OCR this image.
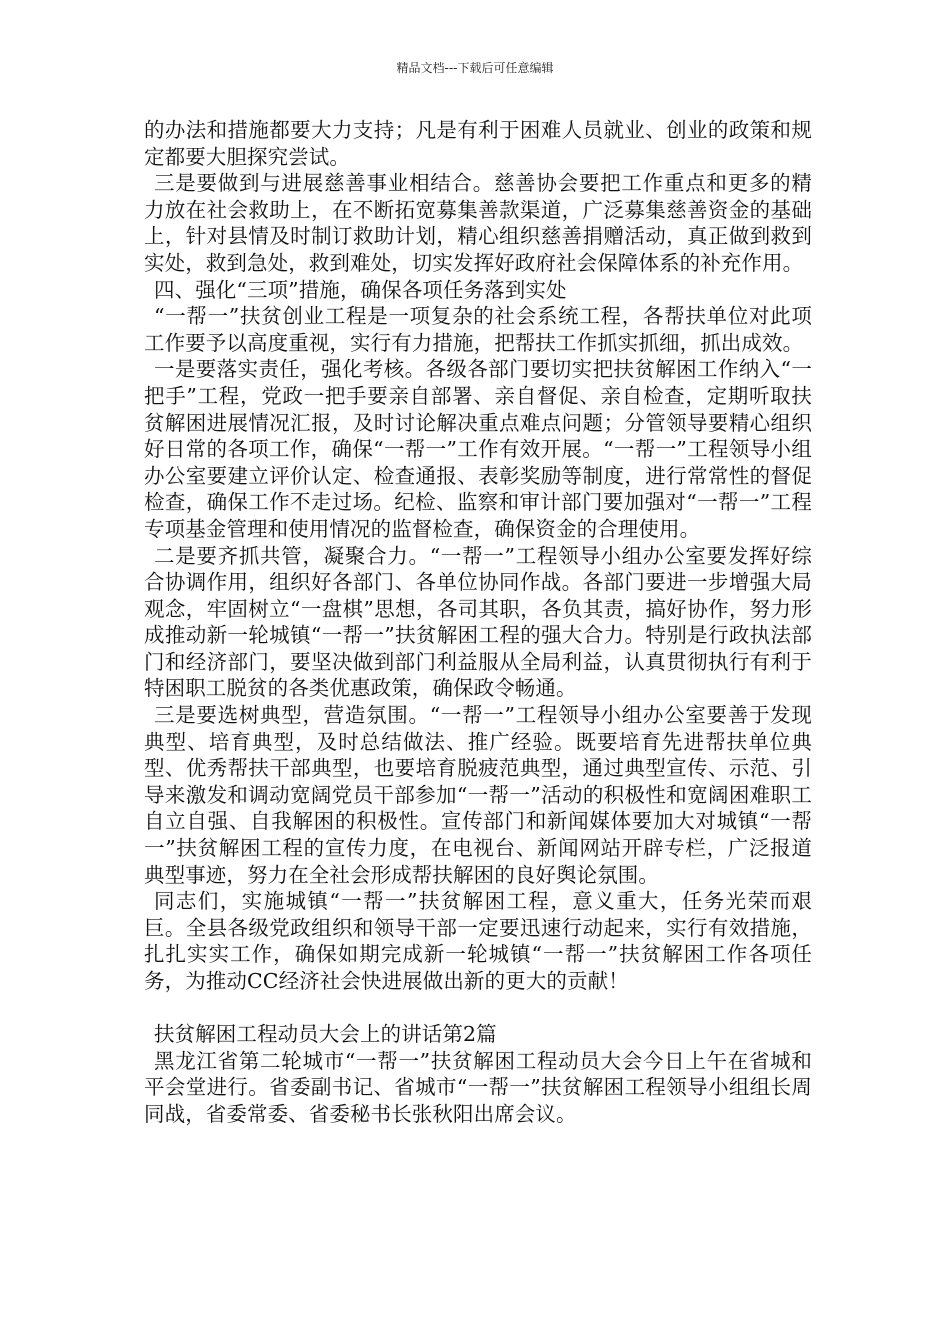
精品文档---下载后可任意编辑

的办法和措施都要大力支持；凡是有利于困难人员就业、创业的政策和规定都要大胆探究尝试。

三是要做到与进展慈善事业相结合。慈善协会要把工作重点和更多的精力放在社会救助上，在不断拓宽募集善款渠道，广泛募集慈善资金的基础上，针对县情及时制订救助计划，精心组织慈善捐赠活动，真正做到救到实处，救到急处，救到难处，切实发挥好政府社会保障体系的补充作用。

四、强化“三项”措施，确保各项任务落到实处

“一帮一”扶贫创业工程是一项复杂的社会系统工程，各帮扶单位对此项工作要予以高度重视，实行有力措施，把帮扶工作抓实抓细，抓出成效。

一是要落实责任，强化考核。各级各部门要切实把扶贫解困工作纳入“一把手”工程，党政一把手要亲自部署、亲自督促、亲自检查，定期听取扶贫解困进展情况汇报，及时讨论解决重点难点问题；分管领导要精心组织好日常的各项工作，确保“一帮一”工作有效开展。“一帮一”工程领导小组办公室要建立评价认定、检查通报、表彰奖励等制度，进行常常性的督促检查，确保工作不走过场。纪检、监察和审计部门要加强对“一帮一”工程专项基金管理和使用情况的监督检查，确保资金的合理使用。

二是要齐抓共管，凝聚合力。“一帮一”工程领导小组办公室要发挥好综合协调作用，组织好各部门、各单位协同作战。各部门要进一步增强大局观念，牢固树立“一盘棋”思想，各司其职，各负其责，搞好协作，努力形成推动新一轮城镇“一帮一”扶贫解困工程的强大合力。特别是行政执法部门和经济部门，要坚决做到部门利益服从全局利益，认真贯彻执行有利于特困职工脱贫的各类优惠政策，确保政令畅通。

三是要选树典型，营造氛围。“一帮一”工程领导小组办公室要善于发现典型、培育典型，及时总结做法、推广经验。既要培育先进帮扶单位典型、优秀帮扶干部典型，也要培育脱疲范典型，通过典型宣传、示范、引导来激发和调动宽阔党员干部参加“一帮一”活动的积极性和宽阔困难职工自立自强、自我解困的积极性。宣传部门和新闻媒体要加大对城镇“一帮一”扶贫解困工程的宣传力度，在电视台、新闻网站开辟专栏，广泛报道典型事迹，努力在全社会形成帮扶解困的良好舆论氛围。

同志们，实施城镇“一帮一”扶贫解困工程，意义重大，任务光荣而艰巨。全县各级党政组织和领导干部一定要迅速行动起来，实行有效措施，扎扎实实工作，确保如期完成新一轮城镇“一帮一”扶贫解困工作各项任务，为推动CC经济社会快进展做出新的更大的贡献！

扶贫解困工程动员大会上的讲话第2篇

黑龙江省第二轮城市“一帮一”扶贫解困工程动员大会今日上午在省城和平会堂进行。省委副书记、省城市“一帮一”扶贫解困工程领导小组组长周同战，省委常委、省委秘书长张秋阳出席会议。
